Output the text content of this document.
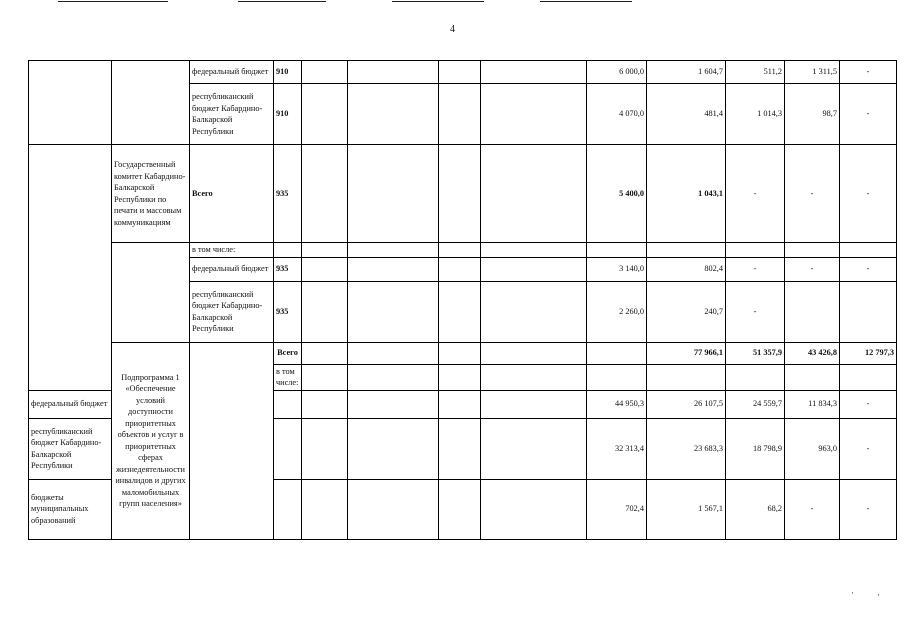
4
		федеральный бюджет	910					6 000,0	1 604,7	511,2	1 311,5	-	
		республиканский бюджет Кабардино-Балкарской Республики	910					4 070,0	481,4	1 014,3	98,7	-	
	Государственный комитет Кабардино-Балкарской Республики по печати и массовым коммуникациям	Всего	935					5 400,0	1 043,1	-	-	-	
		в том числе:											
		федеральный бюджет	935					3 140,0	802,4	-	-	-	
		республиканский бюджет Кабардино-Балкарской Республики	935					2 260,0	240,7	-			
	Подпрограмма 1 «Обеспечение условий доступности приоритетных объектов и услуг в приоритетных сферах жизнедеятельности инвалидов и других маломобильных групп населения»		Всего						77 966,1	51 357,9	43 426,8	12 797,3		
			в том числе:											
федеральный бюджет								44 950,3	26 107,5	24 559,7	11 834,3	-	
республиканский бюджет Кабардино-Балкарской Республики								32 313,4	23 683,3	18 798,9	963,0	-	
бюджеты муниципальных образований								702,4	1 567,1	68,2	-	-	
·	·
